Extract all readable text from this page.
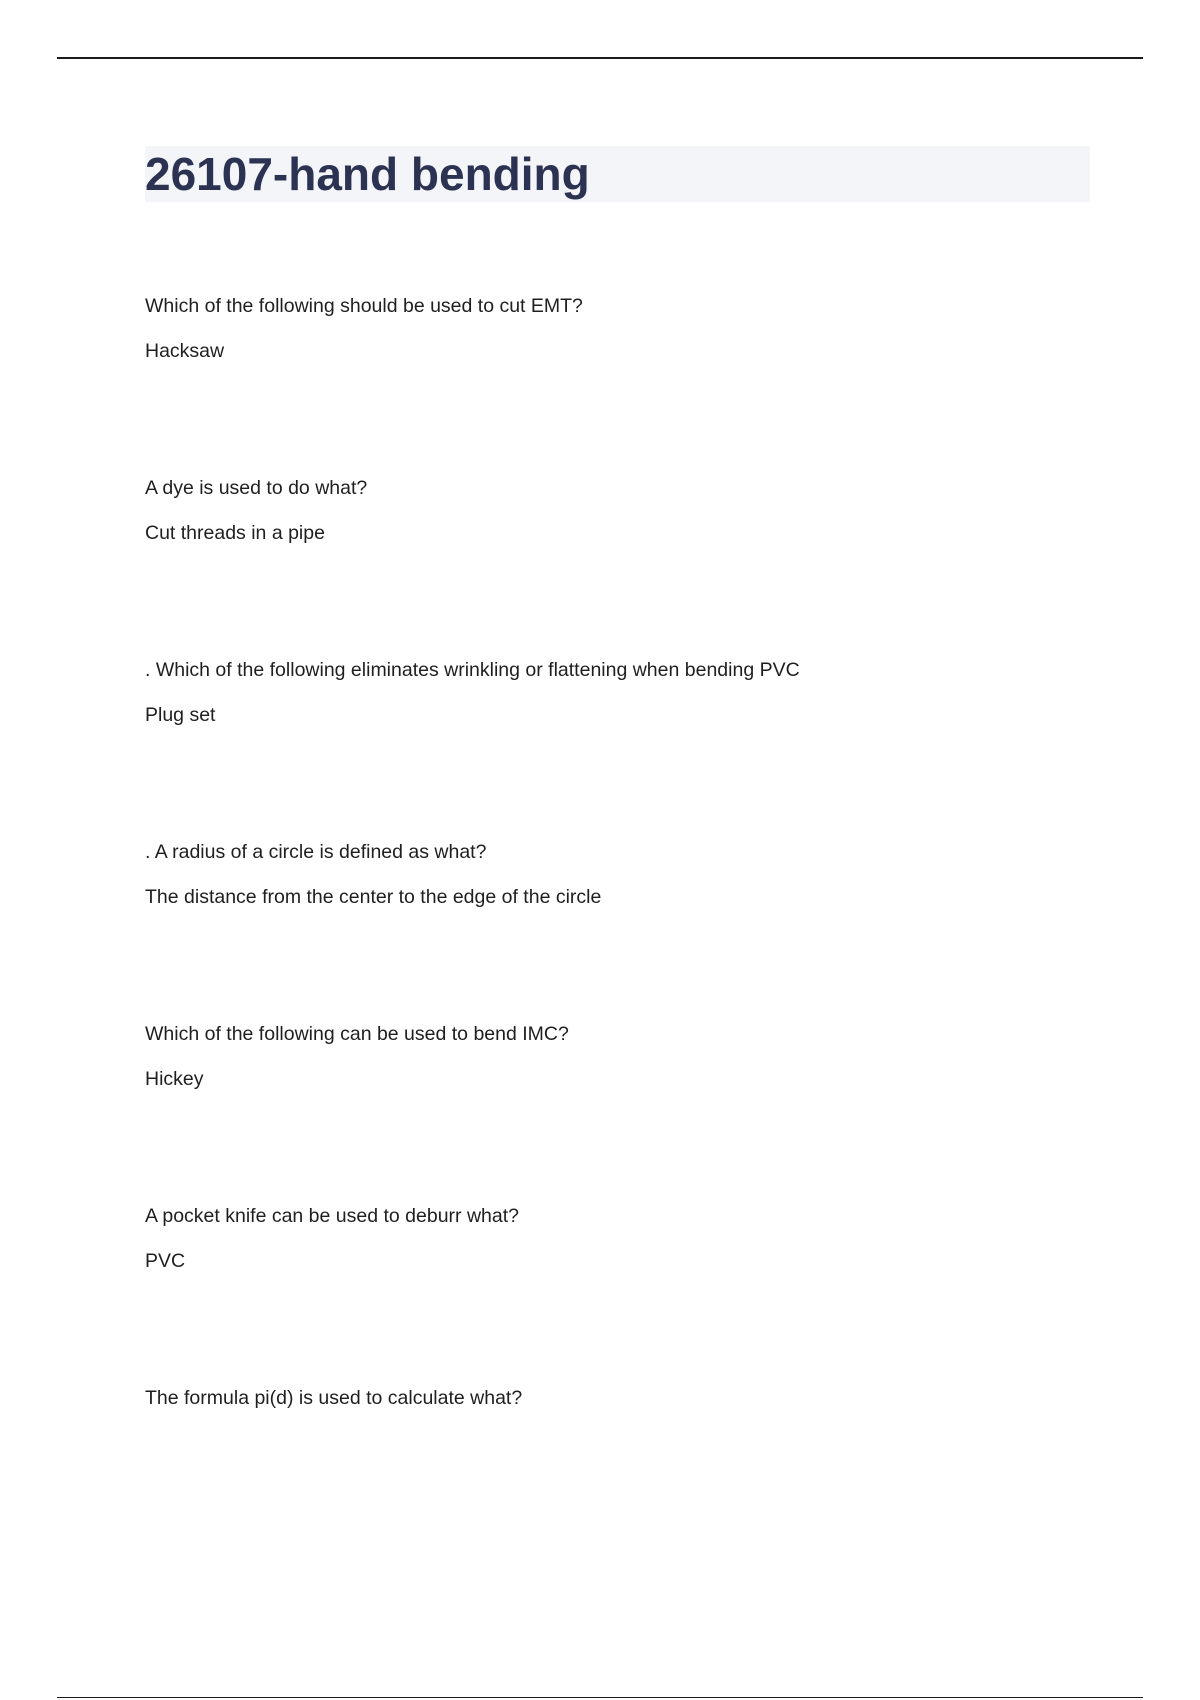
26107-hand bending
Which of the following should be used to cut EMT?
Hacksaw
A dye is used to do what?
Cut threads in a pipe
. Which of the following eliminates wrinkling or flattening when bending PVC
Plug set
. A radius of a circle is defined as what?
The distance from the center to the edge of the circle
Which of the following can be used to bend IMC?
Hickey
A pocket knife can be used to deburr what?
PVC
The formula pi(d) is used to calculate what?
